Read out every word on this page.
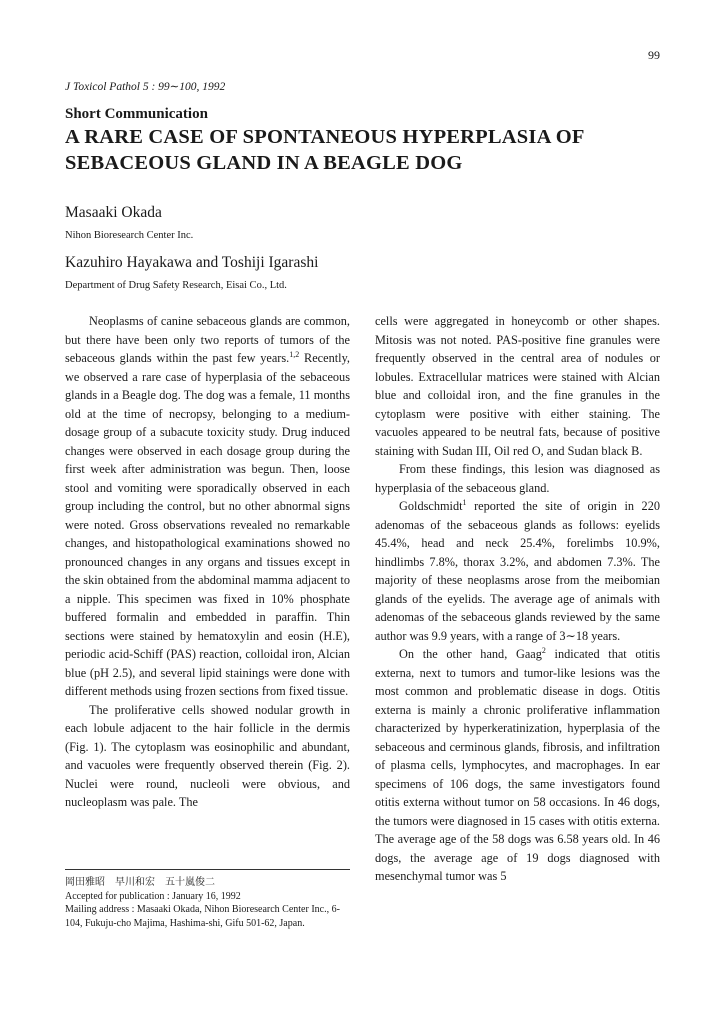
99
J Toxicol Pathol 5 : 99∼100, 1992
Short Communication
A RARE CASE OF SPONTANEOUS HYPERPLASIA OF
SEBACEOUS GLAND IN A BEAGLE DOG
Masaaki Okada
Nihon Bioresearch Center Inc.
Kazuhiro Hayakawa and Toshiji Igarashi
Department of Drug Safety Research, Eisai Co., Ltd.

Neoplasms of canine sebaceous glands are common, but there have been only two reports of tumors of the sebaceous glands within the past few years.$^{1,2}$ Recently, we observed a rare case of hyperplasia of the sebaceous glands in a Beagle dog. The dog was a female, 11 months old at the time of necropsy, belonging to a medium-dosage group of a subacute toxicity study. Drug induced changes were observed in each dosage group during the first week after administration was begun. Then, loose stool and vomiting were sporadically observed in each group including the control, but no other abnormal signs were noted. Gross observations revealed no remarkable changes, and histopathological examinations showed no pronounced changes in any organs and tissues except in the skin obtained from the abdominal mamma adjacent to a nipple. This specimen was fixed in 10% phosphate buffered formalin and embedded in paraffin. Thin sections were stained by hematoxylin and eosin (H.E), periodic acid-Schiff (PAS) reaction, colloidal iron, Alcian blue (pH 2.5), and several lipid stainings were done with different methods using frozen sections from fixed tissue.

The proliferative cells showed nodular growth in each lobule adjacent to the hair follicle in the dermis (Fig. 1). The cytoplasm was eosinophilic and abundant, and vacuoles were frequently observed therein (Fig. 2). Nuclei were round, nucleoli were obvious, and nucleoplasm was pale. The

cells were aggregated in honeycomb or other shapes. Mitosis was not noted. PAS-positive fine granules were frequently observed in the central area of nodules or lobules. Extracellular matrices were stained with Alcian blue and colloidal iron, and the fine granules in the cytoplasm were positive with either staining. The vacuoles appeared to be neutral fats, because of positive staining with Sudan III, Oil red O, and Sudan black B.

From these findings, this lesion was diagnosed as hyperplasia of the sebaceous gland.

Goldschmidt$^1$ reported the site of origin in 220 adenomas of the sebaceous glands as follows: eyelids 45.4%, head and neck 25.4%, forelimbs 10.9%, hindlimbs 7.8%, thorax 3.2%, and abdomen 7.3%. The majority of these neoplasms arose from the meibomian glands of the eyelids. The average age of animals with adenomas of the sebaceous glands reviewed by the same author was 9.9 years, with a range of 3∼18 years.

On the other hand, Gaag$^2$ indicated that otitis externa, next to tumors and tumor-like lesions was the most common and problematic disease in dogs. Otitis externa is mainly a chronic proliferative inflammation characterized by hyperkeratinization, hyperplasia of the sebaceous and cerminous glands, fibrosis, and infiltration of plasma cells, lymphocytes, and macrophages. In ear specimens of 106 dogs, the same investigators found otitis externa without tumor on 58 occasions. In 46 dogs, the tumors were diagnosed in 15 cases with otitis externa. The average age of the 58 dogs was 6.58 years old. In 46 dogs, the average age of 19 dogs diagnosed with mesenchymal tumor was 5

岡田雅昭　早川和宏　五十嵐俊二
Accepted for publication : January 16, 1992
Mailing address : Masaaki Okada, Nihon Bioresearch Center Inc., 6-104, Fukuju-cho Majima, Hashima-shi, Gifu 501-62, Japan.
